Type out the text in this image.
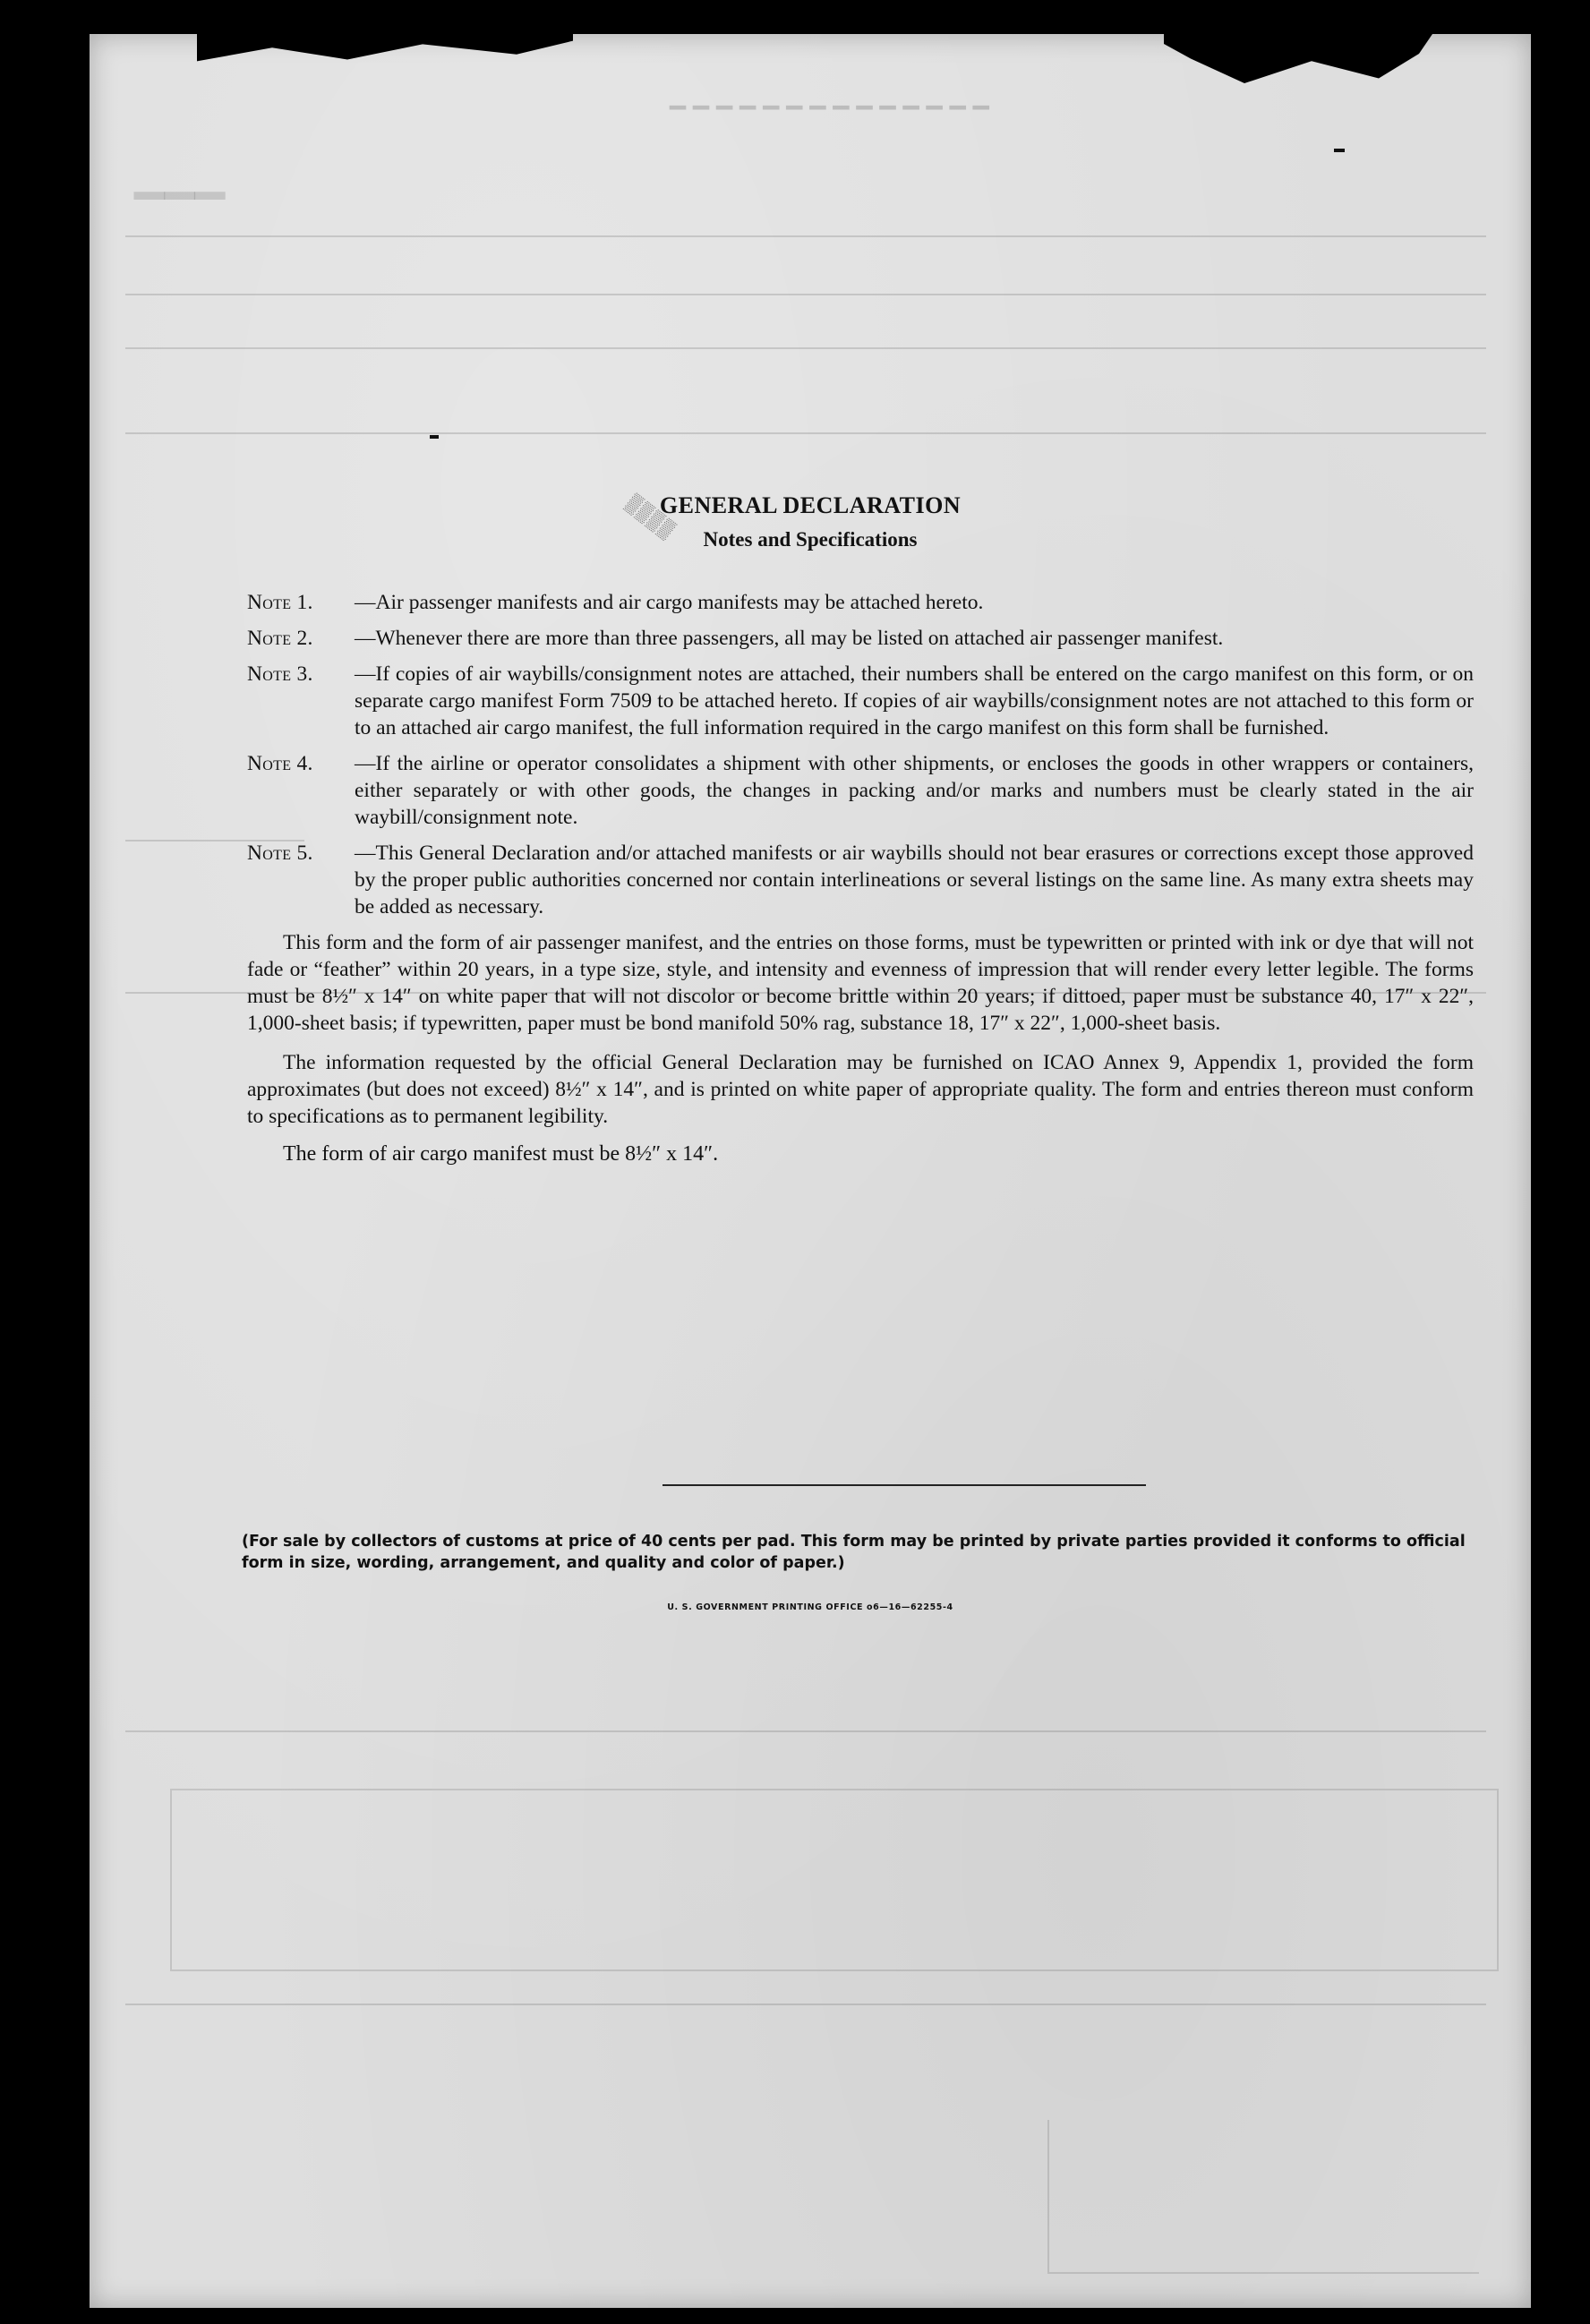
▁▁▁▁▁▁▁▁▁▁▁▁▁▁
▁▁▁
▒▒▒▒
GENERAL DECLARATION
Notes and Specifications
Note 1. —Air passenger manifests and air cargo manifests may be attached hereto.
Note 2. —Whenever there are more than three passengers, all may be listed on attached air passenger manifest.
Note 3. —If copies of air waybills/consignment notes are attached, their numbers shall be entered on the cargo manifest on this form, or on separate cargo manifest Form 7509 to be attached hereto. If copies of air waybills/consignment notes are not attached to this form or to an attached air cargo manifest, the full information required in the cargo manifest on this form shall be furnished.
Note 4. —If the airline or operator consolidates a shipment with other shipments, or encloses the goods in other wrappers or containers, either separately or with other goods, the changes in packing and/or marks and numbers must be clearly stated in the air waybill/consignment note.
Note 5. —This General Declaration and/or attached manifests or air waybills should not bear erasures or corrections except those approved by the proper public authorities concerned nor contain interlineations or several listings on the same line. As many extra sheets may be added as necessary.
This form and the form of air passenger manifest, and the entries on those forms, must be typewritten or printed with ink or dye that will not fade or “feather” within 20 years, in a type size, style, and intensity and evenness of impression that will render every letter legible. The forms must be 8½″ x 14″ on white paper that will not discolor or become brittle within 20 years; if dittoed, paper must be substance 40, 17″ x 22″, 1,000-sheet basis; if typewritten, paper must be bond manifold 50% rag, substance 18, 17″ x 22″, 1,000-sheet basis.
The information requested by the official General Declaration may be furnished on ICAO Annex 9, Appendix 1, provided the form approximates (but does not exceed) 8½″ x 14″, and is printed on white paper of appropriate quality. The form and entries thereon must conform to specifications as to permanent legibility.
The form of air cargo manifest must be 8½″ x 14″.
(For sale by collectors of customs at price of 40 cents per pad. This form may be printed by private parties provided it conforms to official form in size, wording, arrangement, and quality and color of paper.)
U. S. GOVERNMENT PRINTING OFFICE o6—16—62255-4
